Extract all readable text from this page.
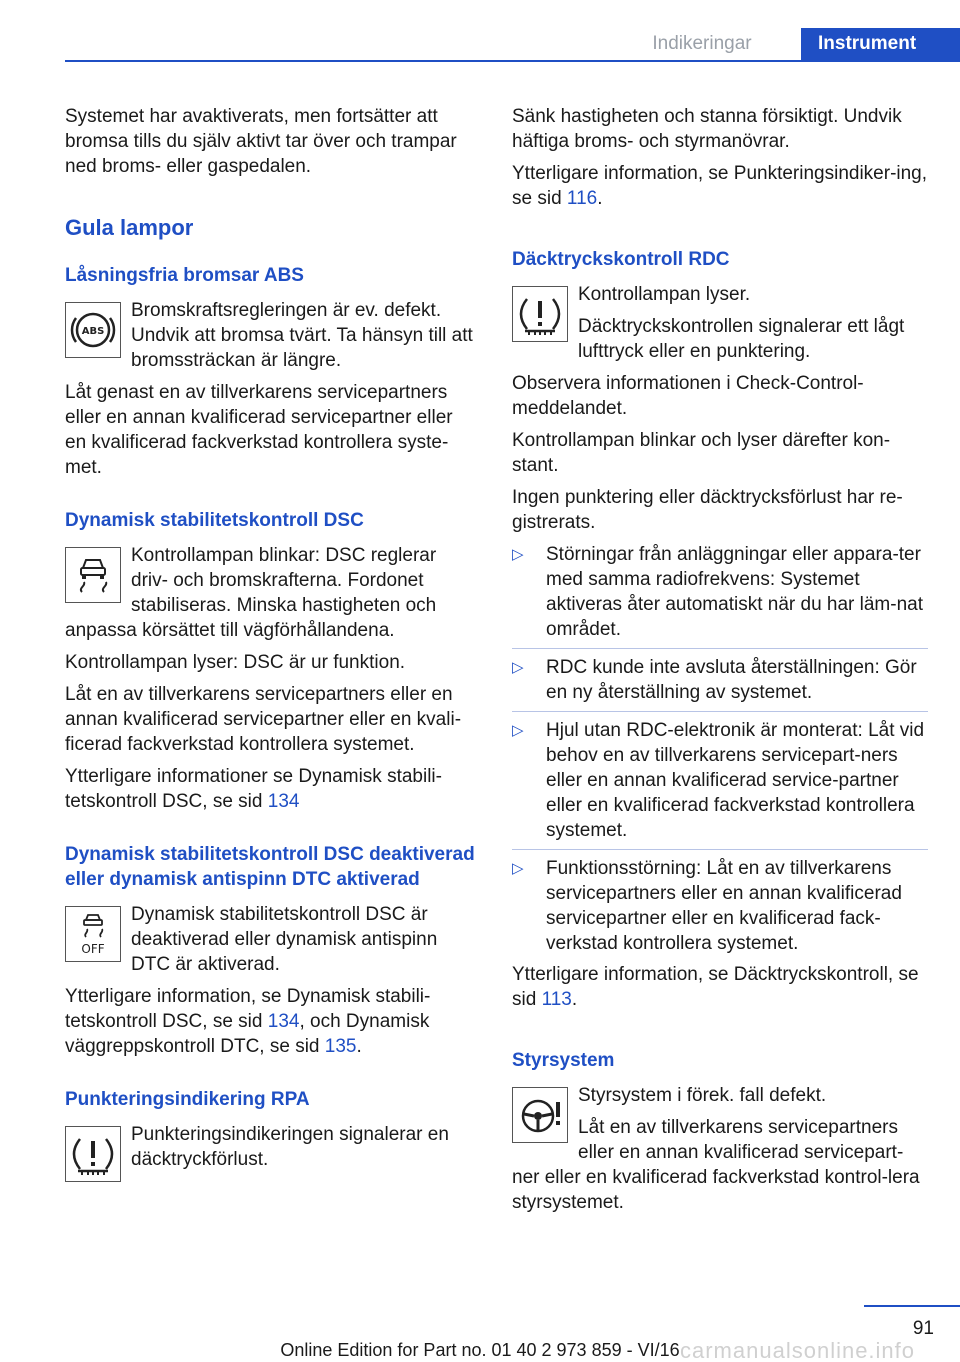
Indikeringar	Instrument

Systemet har avaktiverats, men fortsätter att bromsa tills du själv aktivt tar över och trampar ned broms- eller gaspedalen.

Gula lampor
Låsningsfria bromsar ABS
ABS

Bromskraftsregleringen är ev. defekt. Undvik att bromsa tvärt. Ta hänsyn till att bromssträckan är längre.

Låt genast en av tillverkarens servicepartners eller en annan kvalificerad servicepartner eller en kvalificerad fackverkstad kontrollera syste-met.

Dynamisk stabilitetskontroll DSC

Kontrollampan blinkar: DSC reglerar driv- och bromskrafterna. Fordonet stabiliseras. Minska hastigheten och anpassa körsättet till vägförhållandena.

Kontrollampan lyser: DSC är ur funktion.

Låt en av tillverkarens servicepartners eller en annan kvalificerad servicepartner eller en kvali-ficerad fackverkstad kontrollera systemet.

Ytterligare informationer se Dynamisk stabili-tetskontroll DSC, se sid 134

Dynamisk stabilitetskontroll DSC deaktiverad eller dynamisk antispinn DTC aktiverad
OFF

Dynamisk stabilitetskontroll DSC är deaktiverad eller dynamisk antispinn DTC är aktiverad.

Ytterligare information, se Dynamisk stabili-tetskontroll DSC, se sid 134, och Dynamisk väggreppskontroll DTC, se sid 135.

Punkteringsindikering RPA

Punkteringsindikeringen signalerar en däcktryckförlust.

Sänk hastigheten och stanna försiktigt. Undvik häftiga broms- och styrmanövrar.

Ytterligare information, se Punkteringsindiker-ing, se sid 116.

Däcktryckskontroll RDC

Kontrollampan lyser.

Däcktryckskontrollen signalerar ett lågt lufttryck eller en punktering.

Observera informationen i Check-Control-meddelandet.

Kontrollampan blinkar och lyser därefter kon-stant.

Ingen punktering eller däcktrycksförlust har re-gistrerats.

▷ Störningar från anläggningar eller appara-ter med samma radiofrekvens: Systemet aktiveras åter automatiskt när du har läm-nat området.
▷ RDC kunde inte avsluta återställningen: Gör en ny återställning av systemet.
▷ Hjul utan RDC-elektronik är monterat: Låt vid behov en av tillverkarens servicepart-ners eller en annan kvalificerad service-partner eller en kvalificerad fackverkstad kontrollera systemet.
▷ Funktionsstörning: Låt en av tillverkarens servicepartners eller en annan kvalificerad servicepartner eller en kvalificerad fack-verkstad kontrollera systemet.

Ytterligare information, se Däcktryckskontroll, se sid 113.

Styrsystem

Styrsystem i förek. fall defekt.

Låt en av tillverkarens servicepartners eller en annan kvalificerad servicepart-ner eller en kvalificerad fackverkstad kontrol-lera styrsystemet.

91
Online Edition for Part no. 01 40 2 973 859 - VI/16 carmanualsonline.info
